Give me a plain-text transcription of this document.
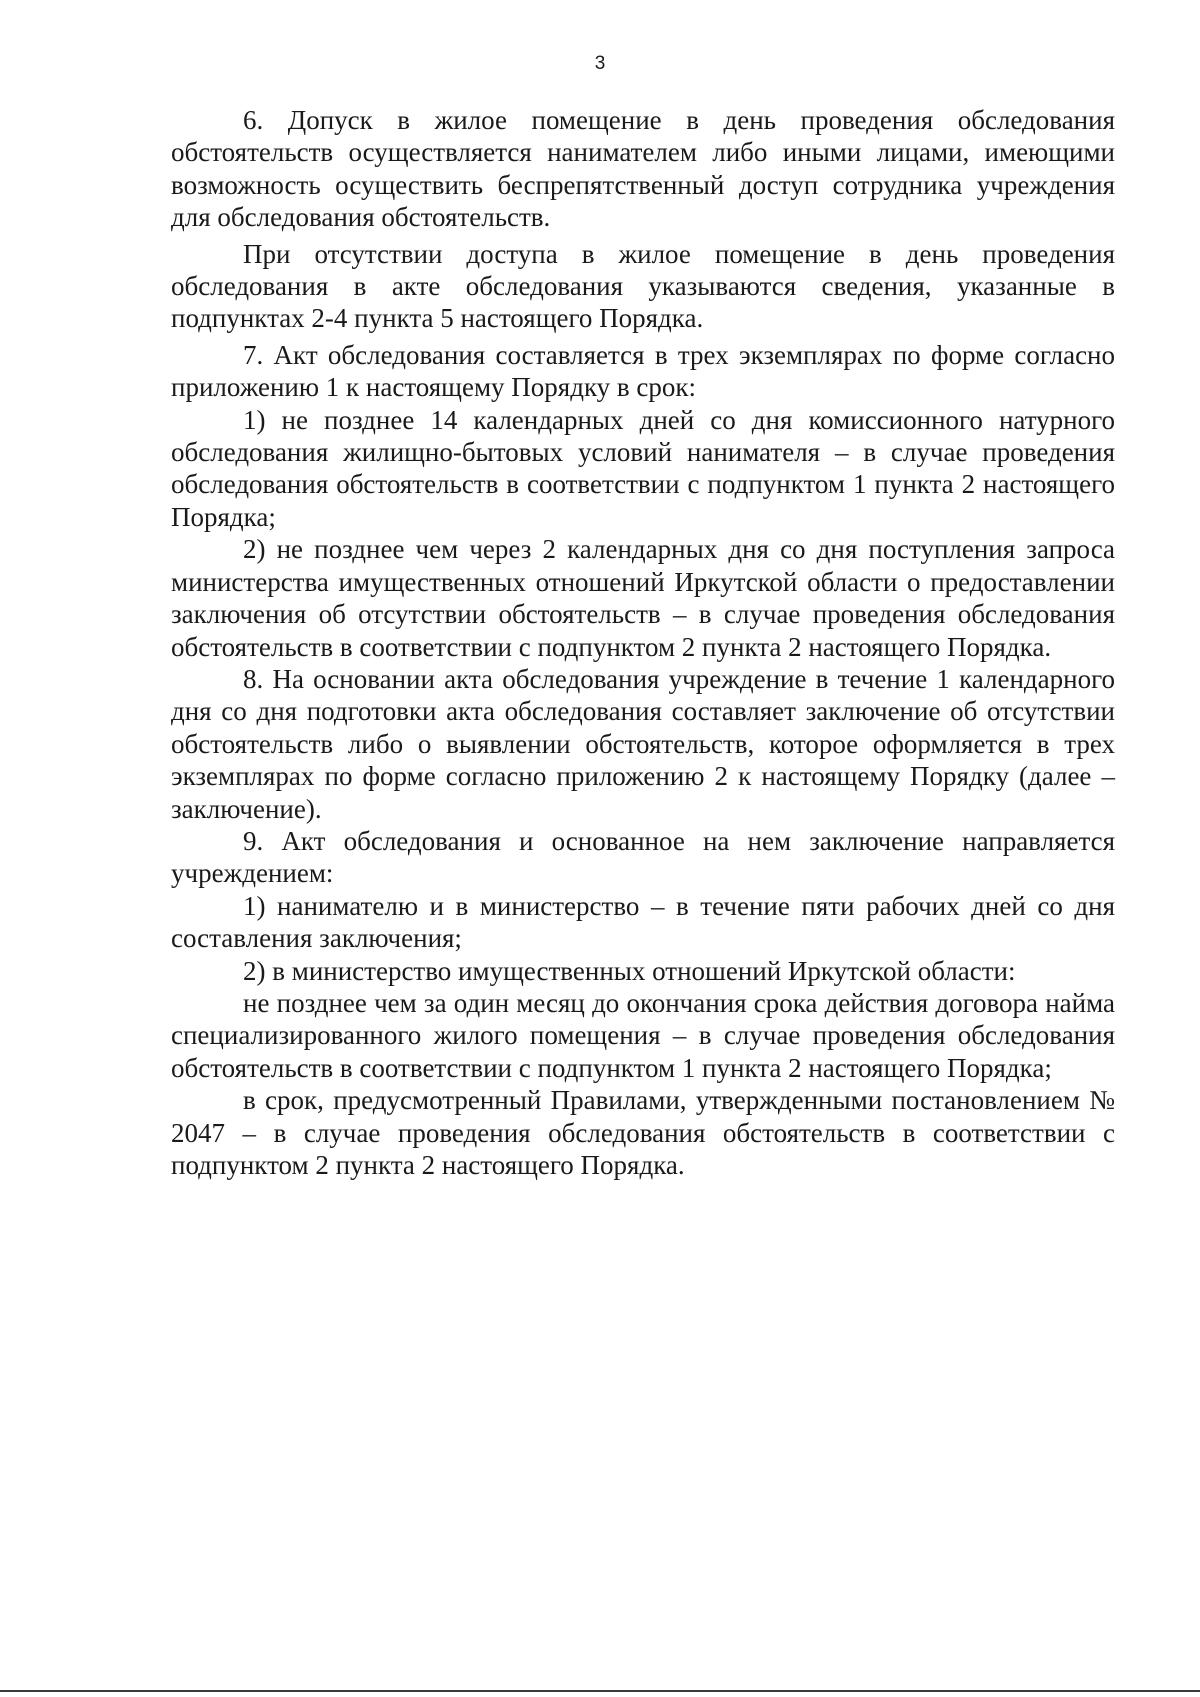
3

6. Допуск в жилое помещение в день проведения обследования обстоятельств осуществляется нанимателем либо иными лицами, имеющими возможность осуществить беспрепятственный доступ сотрудника учреждения для обследования обстоятельств.

При отсутствии доступа в жилое помещение в день проведения обследования в акте обследования указываются сведения, указанные в подпунктах 2-4 пункта 5 настоящего Порядка.

7. Акт обследования составляется в трех экземплярах по форме согласно приложению 1 к настоящему Порядку в срок:

1) не позднее 14 календарных дней со дня комиссионного натурного обследования жилищно-бытовых условий нанимателя – в случае проведения обследования обстоятельств в соответствии с подпунктом 1 пункта 2 настоящего Порядка;

2) не позднее чем через 2 календарных дня со дня поступления запроса министерства имущественных отношений Иркутской области о предоставлении заключения об отсутствии обстоятельств – в случае проведения обследования обстоятельств в соответствии с подпунктом 2 пункта 2 настоящего Порядка.

8. На основании акта обследования учреждение в течение 1 календарного дня со дня подготовки акта обследования составляет заключение об отсутствии обстоятельств либо о выявлении обстоятельств, которое оформляется в трех экземплярах по форме согласно приложению 2 к настоящему Порядку (далее – заключение).

9. Акт обследования и основанное на нем заключение направляется учреждением:

1) нанимателю и в министерство – в течение пяти рабочих дней со дня составления заключения;

2) в министерство имущественных отношений Иркутской области:

не позднее чем за один месяц до окончания срока действия договора найма специализированного жилого помещения – в случае проведения обследования обстоятельств в соответствии с подпунктом 1 пункта 2 настоящего Порядка;

в срок, предусмотренный Правилами, утвержденными постановлением № 2047 – в случае проведения обследования обстоятельств в соответствии с подпунктом 2 пункта 2 настоящего Порядка.
